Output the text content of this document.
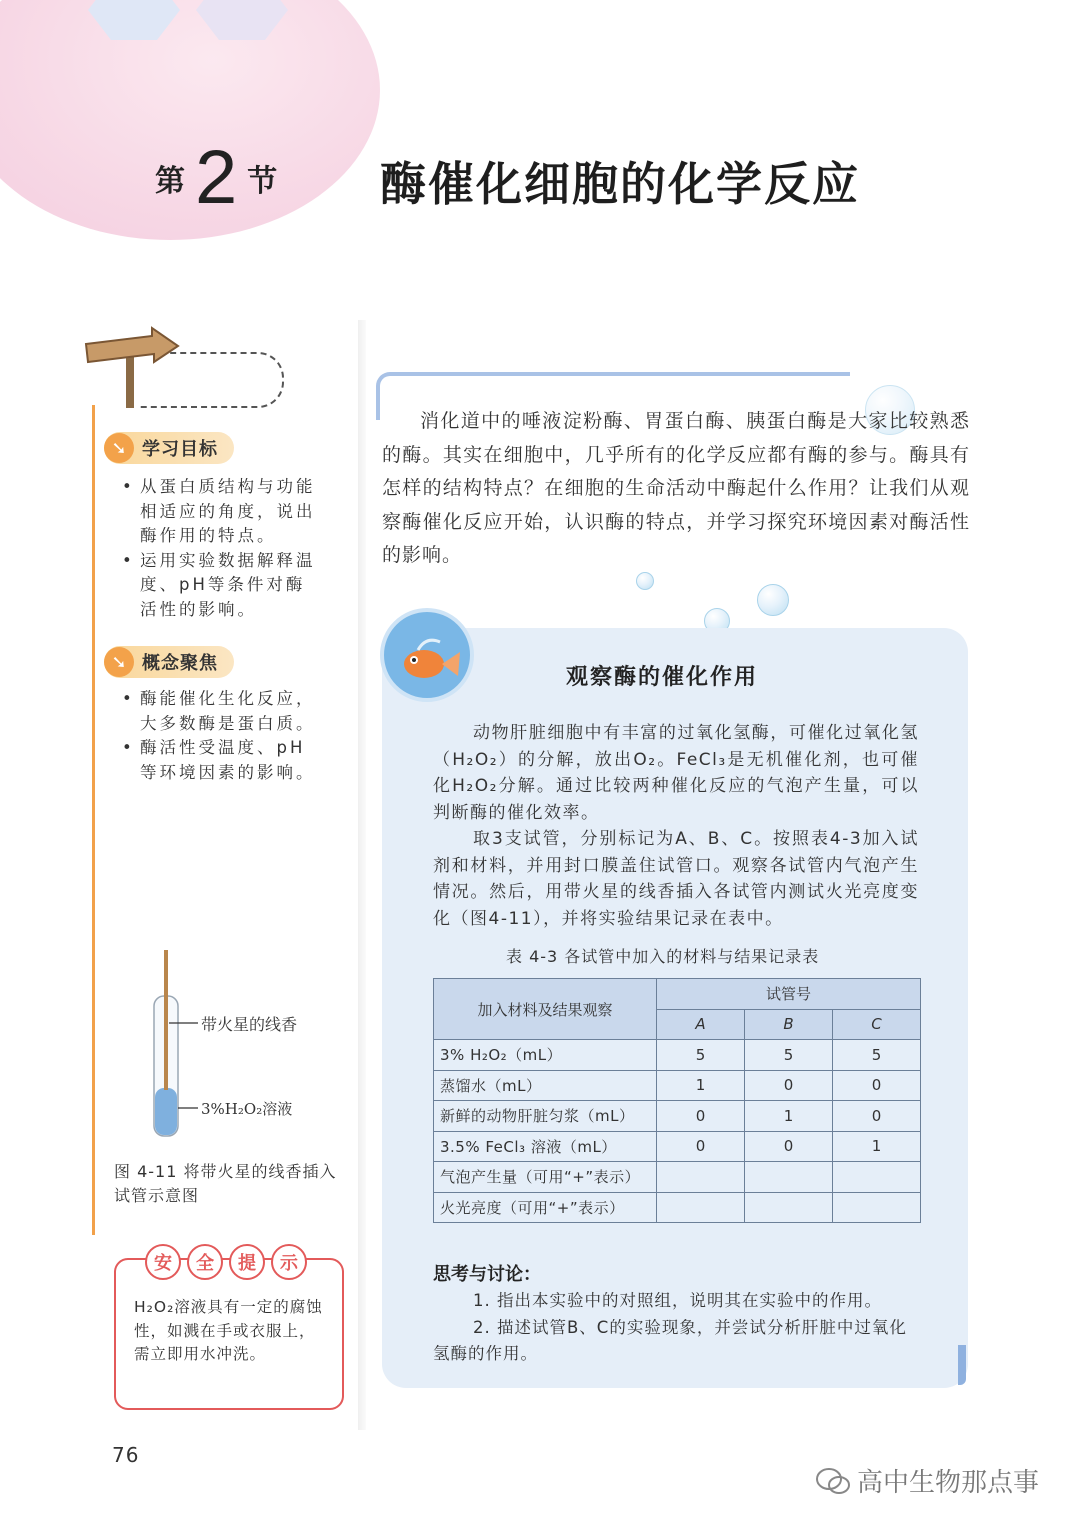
第 2 节 酶催化细胞的化学反应
➘ 学习目标
• 从蛋白质结构与功能相适应的角度，说出酶作用的特点。
• 运用实验数据解释温度、pH等条件对酶活性的影响。
➘ 概念聚焦
• 酶能催化生化反应，大多数酶是蛋白质。
• 酶活性受温度、pH等环境因素的影响。
带火星的线香
3%H₂O₂溶液
图 4-11 将带火星的线香插入试管示意图
安	全	提	示
H₂O₂溶液具有一定的腐蚀性，如溅在手或衣服上，需立即用水冲洗。
消化道中的唾液淀粉酶、胃蛋白酶、胰蛋白酶是大家比较熟悉的酶。其实在细胞中，几乎所有的化学反应都有酶的参与。酶具有怎样的结构特点？在细胞的生命活动中酶起什么作用？让我们从观察酶催化反应开始，认识酶的特点，并学习探究环境因素对酶活性的影响。
观察酶的催化作用

动物肝脏细胞中有丰富的过氧化氢酶，可催化过氧化氢（H₂O₂）的分解，放出O₂。FeCl₃是无机催化剂，也可催化H₂O₂分解。通过比较两种催化反应的气泡产生量，可以判断酶的催化效率。

取3支试管，分别标记为A、B、C。按照表4-3加入试剂和材料，并用封口膜盖住试管口。观察各试管内气泡产生情况。然后，用带火星的线香插入各试管内测试火光亮度变化（图4-11），并将实验结果记录在表中。

表 4-3 各试管中加入的材料与结果记录表
加入材料及结果观察	试管号		
	A	B	C
3% H₂O₂（mL）	5	5	5
蒸馏水（mL）	1	0	0
新鲜的动物肝脏匀浆（mL）	0	1	0
3.5% FeCl₃ 溶液（mL）	0	0	1
气泡产生量（可用“+”表示）			
火光亮度（可用“+”表示）			
思考与讨论：

1. 指出本实验中的对照组，说明其在实验中的作用。

2. 描述试管B、C的实验现象，并尝试分析肝脏中过氧化氢酶的作用。

76
高中生物那点事
